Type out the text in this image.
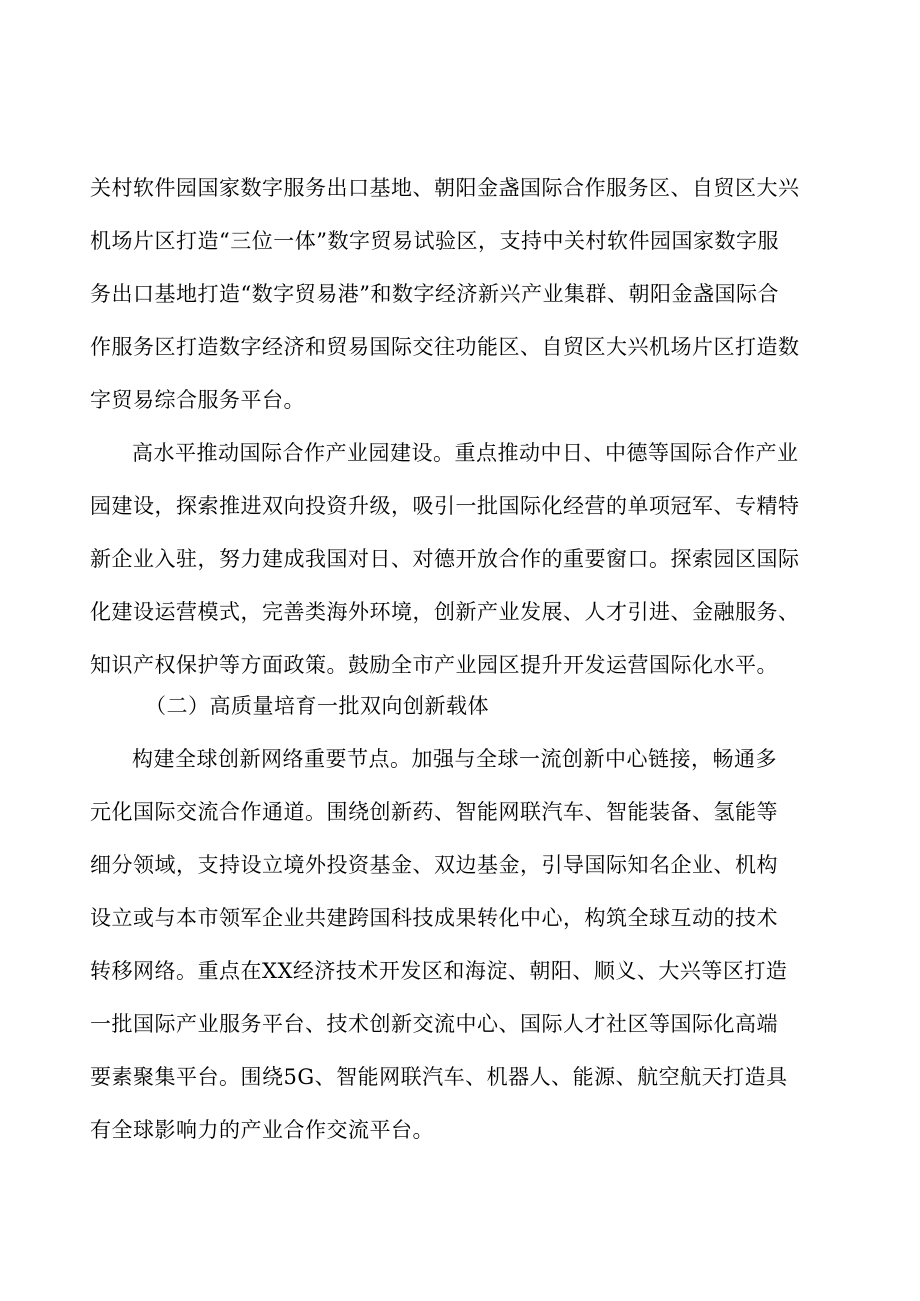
关村软件园国家数字服务出口基地、朝阳金盏国际合作服务区、自贸区大兴
机场片区打造“三位一体”数字贸易试验区，支持中关村软件园国家数字服
务出口基地打造“数字贸易港”和数字经济新兴产业集群、朝阳金盏国际合
作服务区打造数字经济和贸易国际交往功能区、自贸区大兴机场片区打造数
字贸易综合服务平台。
高水平推动国际合作产业园建设。重点推动中日、中德等国际合作产业
园建设，探索推进双向投资升级，吸引一批国际化经营的单项冠军、专精特
新企业入驻，努力建成我国对日、对德开放合作的重要窗口。探索园区国际
化建设运营模式，完善类海外环境，创新产业发展、人才引进、金融服务、
知识产权保护等方面政策。鼓励全市产业园区提升开发运营国际化水平。
（二）高质量培育一批双向创新载体
构建全球创新网络重要节点。加强与全球一流创新中心链接，畅通多
元化国际交流合作通道。围绕创新药、智能网联汽车、智能装备、氢能等
细分领域，支持设立境外投资基金、双边基金，引导国际知名企业、机构
设立或与本市领军企业共建跨国科技成果转化中心，构筑全球互动的技术
转移网络。重点在XX经济技术开发区和海淀、朝阳、顺义、大兴等区打造
一批国际产业服务平台、技术创新交流中心、国际人才社区等国际化高端
要素聚集平台。围绕5G、智能网联汽车、机器人、能源、航空航天打造具
有全球影响力的产业合作交流平台。
